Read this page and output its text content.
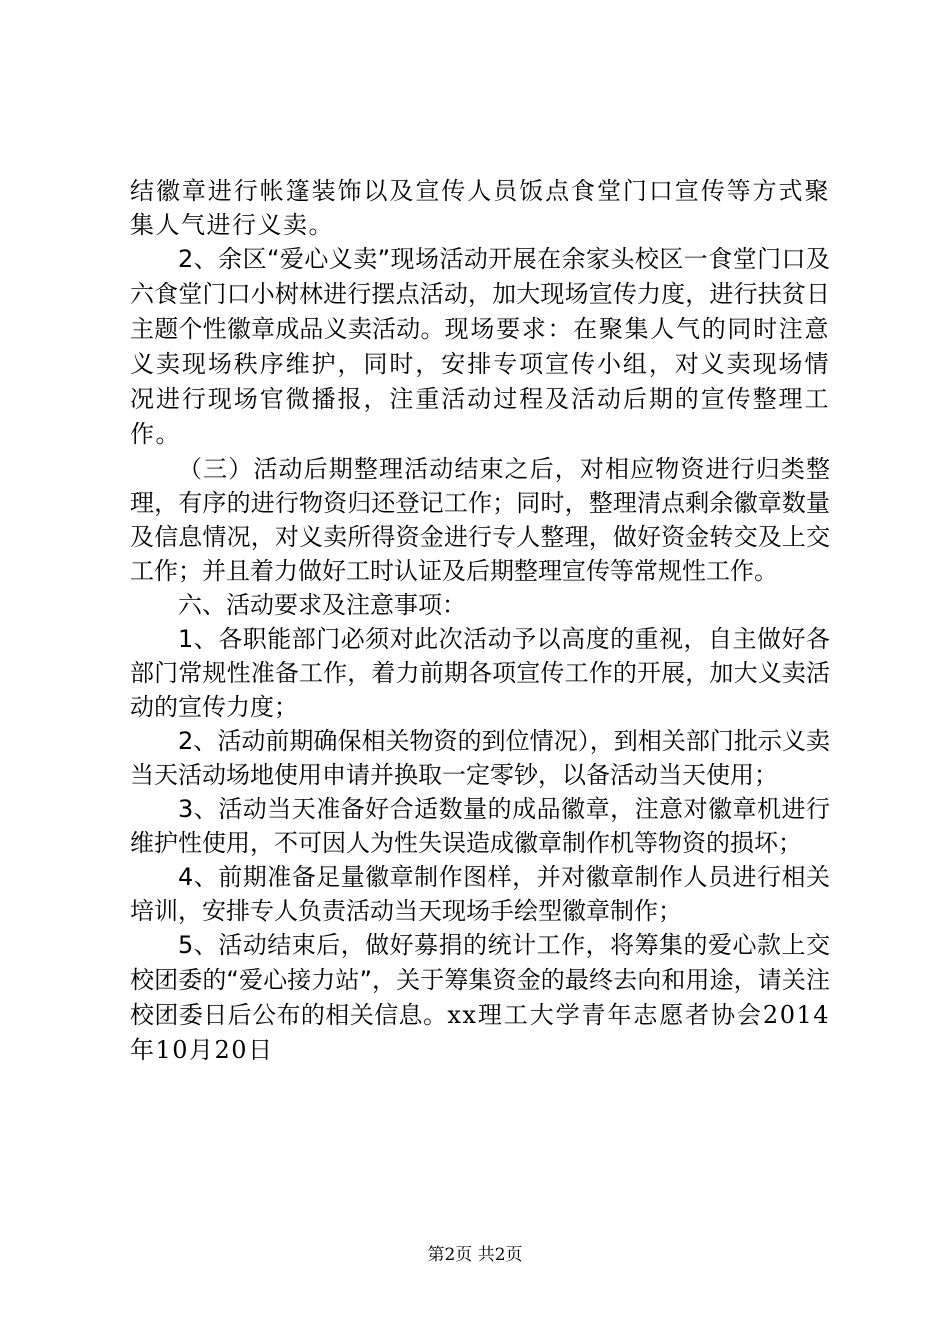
结徽章进行帐篷装饰以及宣传人员饭点食堂门口宣传等方式聚集人气进行义卖。

2、余区“爱心义卖”现场活动开展在余家头校区一食堂门口及六食堂门口小树林进行摆点活动，加大现场宣传力度，进行扶贫日主题个性徽章成品义卖活动。现场要求：在聚集人气的同时注意义卖现场秩序维护，同时，安排专项宣传小组，对义卖现场情况进行现场官微播报，注重活动过程及活动后期的宣传整理工作。

（三）活动后期整理活动结束之后，对相应物资进行归类整理，有序的进行物资归还登记工作；同时，整理清点剩余徽章数量及信息情况，对义卖所得资金进行专人整理，做好资金转交及上交工作；并且着力做好工时认证及后期整理宣传等常规性工作。

六、活动要求及注意事项：

1、各职能部门必须对此次活动予以高度的重视，自主做好各部门常规性准备工作，着力前期各项宣传工作的开展，加大义卖活动的宣传力度；

2、活动前期确保相关物资的到位情况），到相关部门批示义卖当天活动场地使用申请并换取一定零钞，以备活动当天使用；

3、活动当天准备好合适数量的成品徽章，注意对徽章机进行维护性使用，不可因人为性失误造成徽章制作机等物资的损坏；

4、前期准备足量徽章制作图样，并对徽章制作人员进行相关培训，安排专人负责活动当天现场手绘型徽章制作；

5、活动结束后，做好募捐的统计工作，将筹集的爱心款上交校团委的“爱心接力站”，关于筹集资金的最终去向和用途，请关注校团委日后公布的相关信息。xx理工大学青年志愿者协会2014年10月20日

第2页 共2页
